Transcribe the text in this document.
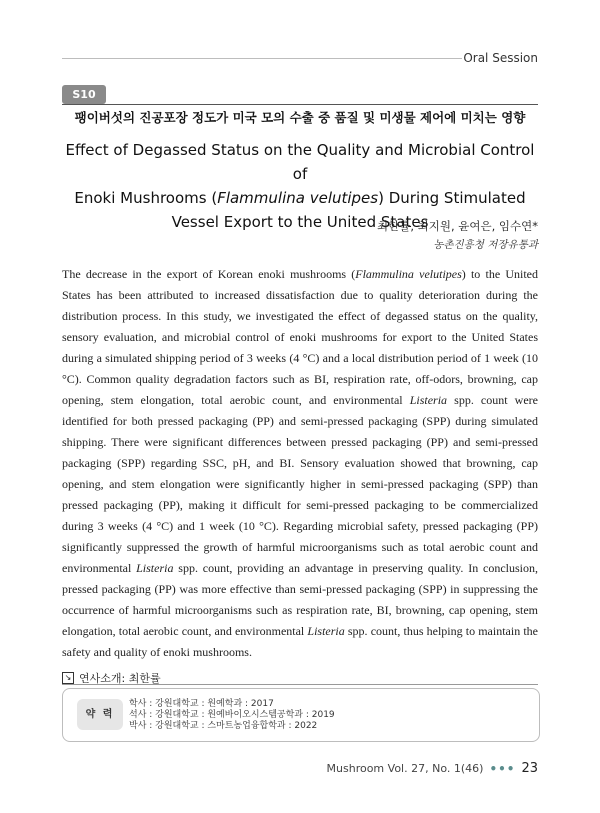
Oral Session
S10
팽이버섯의 진공포장 정도가 미국 모의 수출 중 품질 및 미생물 제어에 미치는 영향
Effect of Degassed Status on the Quality and Microbial Control of
Enoki Mushrooms (Flammulina velutipes) During Stimulated
Vessel Export to the United States
최한률, 최지원, 윤여은, 임수연*
농촌진흥청 저장유통과

The decrease in the export of Korean enoki mushrooms (Flammulina velutipes) to the United States has been attributed to increased dissatisfaction due to quality deterioration during the distribution process. In this study, we investigated the effect of degassed status on the quality, sensory evaluation, and microbial control of enoki mushrooms for export to the United States during a simulated shipping period of 3 weeks (4 °C) and a local distribution period of 1 week (10 °C). Common quality degradation factors such as BI, respiration rate, off-odors, browning, cap opening, stem elongation, total aerobic count, and environmental Listeria spp. count were identified for both pressed packaging (PP) and semi-pressed packaging (SPP) during simulated shipping. There were significant differences between pressed packaging (PP) and semi-pressed packaging (SPP) regarding SSC, pH, and BI. Sensory evaluation showed that browning, cap opening, and stem elongation were significantly higher in semi-pressed packaging (SPP) than pressed packaging (PP), making it difficult for semi-pressed packaging to be commercialized during 3 weeks (4 °C) and 1 week (10 °C). Regarding microbial safety, pressed packaging (PP) significantly suppressed the growth of harmful microorganisms such as total aerobic count and environmental Listeria spp. count, providing an advantage in preserving quality. In conclusion, pressed packaging (PP) was more effective than semi-pressed packaging (SPP) in suppressing the occurrence of harmful microorganisms such as respiration rate, BI, browning, cap opening, stem elongation, total aerobic count, and environmental Listeria spp. count, thus helping to maintain the safety and quality of enoki mushrooms.

↘ 연사소개: 최한률
약 력
학사 : 강원대학교 : 원예학과 : 2017
석사 : 강원대학교 : 원예바이오시스템공학과 : 2019
박사 : 강원대학교 : 스마트농업융합학과 : 2022
Mushroom Vol. 27, No. 1(46) ••• 23
